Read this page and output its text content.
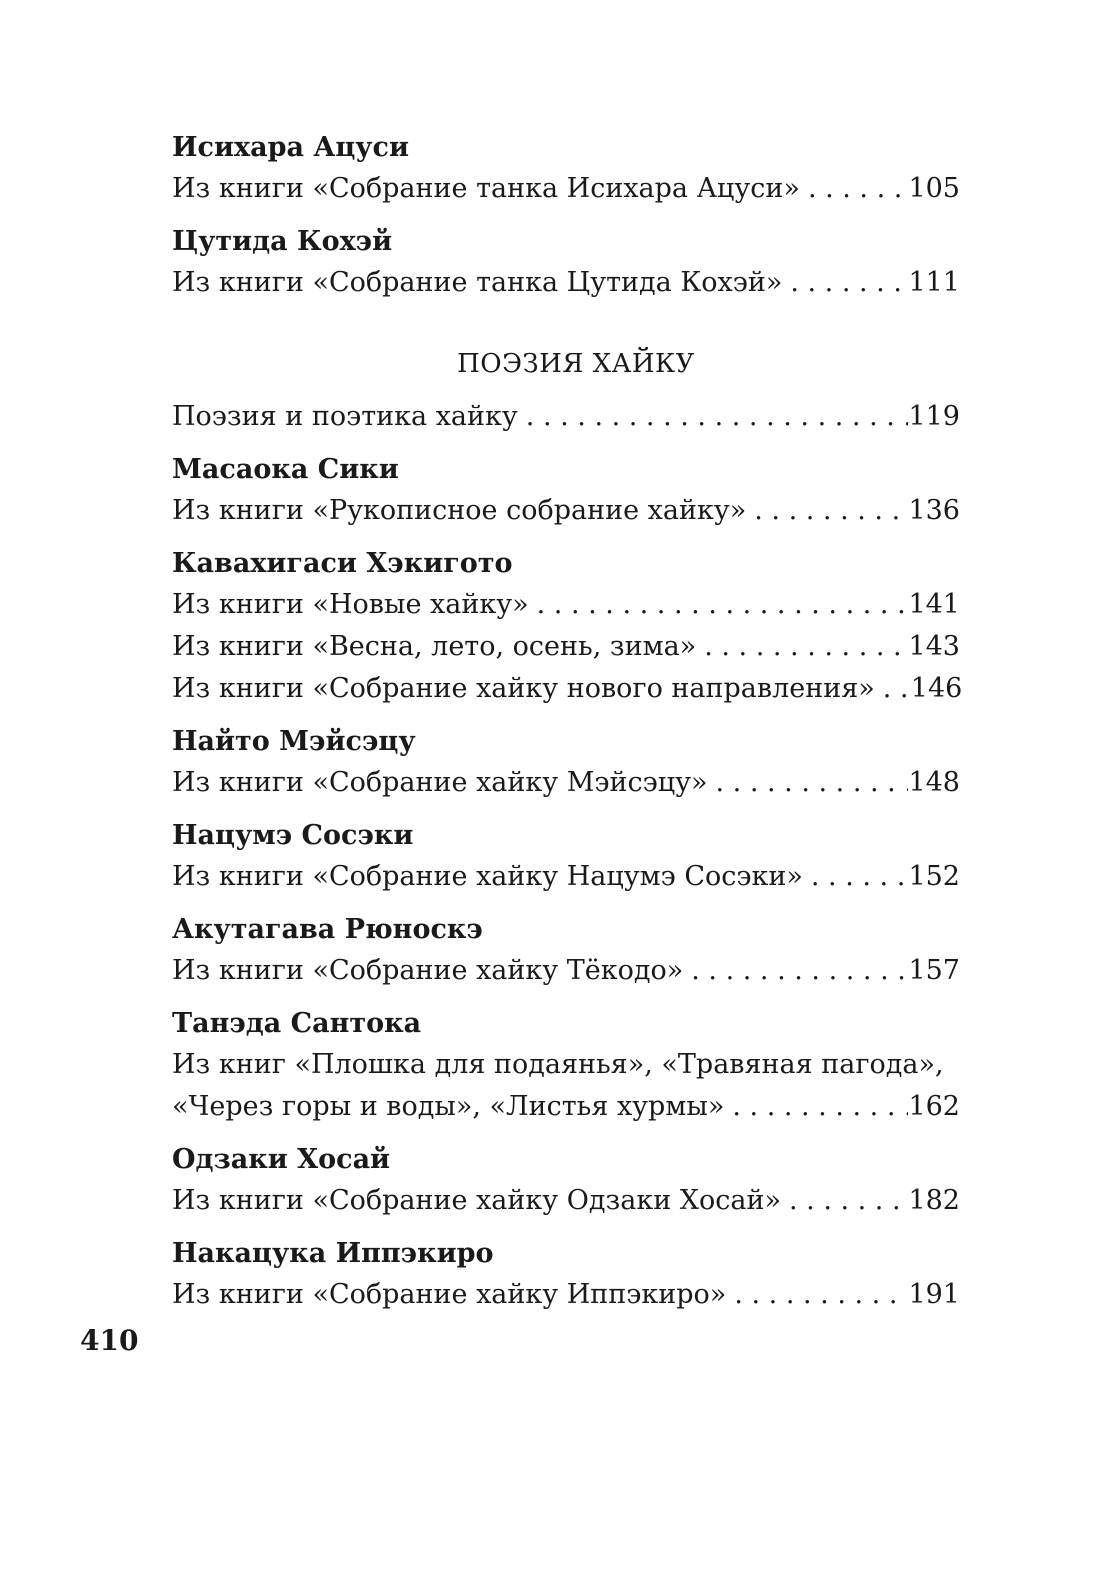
Исихара Ацуси
Из книги «Собрание танка Исихара Ацуси» . . .	105
Цутида Кохэй
Из книги «Собрание танка Цутида Кохэй» . . .	111
ПОЭЗИЯ ХАЙКУ
Поэзия и поэтика хайку . . .	119
Масаока Сики
Из книги «Рукописное собрание хайку» . . .	136
Кавахигаси Хэкигото
Из книги «Новые хайку» . . .	141
Из книги «Весна, лето, осень, зима» . . .	143
Из книги «Собрание хайку нового направления» . . . 146
Найто Мэйсэцу
Из книги «Собрание хайку Мэйсэцу» . . .	148
Нацумэ Сосэки
Из книги «Собрание хайку Нацумэ Сосэки» . . .	152
Акутагава Рюноскэ
Из книги «Собрание хайку Тёкодо» . . .	157
Танэда Сантока
Из книг «Плошка для подаянья», «Травяная пагода»,
«Через горы и воды», «Листья хурмы» . . .	162
Одзаки Хосай
Из книги «Собрание хайку Одзаки Хосай» . . .	182
Накацука Иппэкиро
Из книги «Собрание хайку Иппэкиро» . . .	191
410
